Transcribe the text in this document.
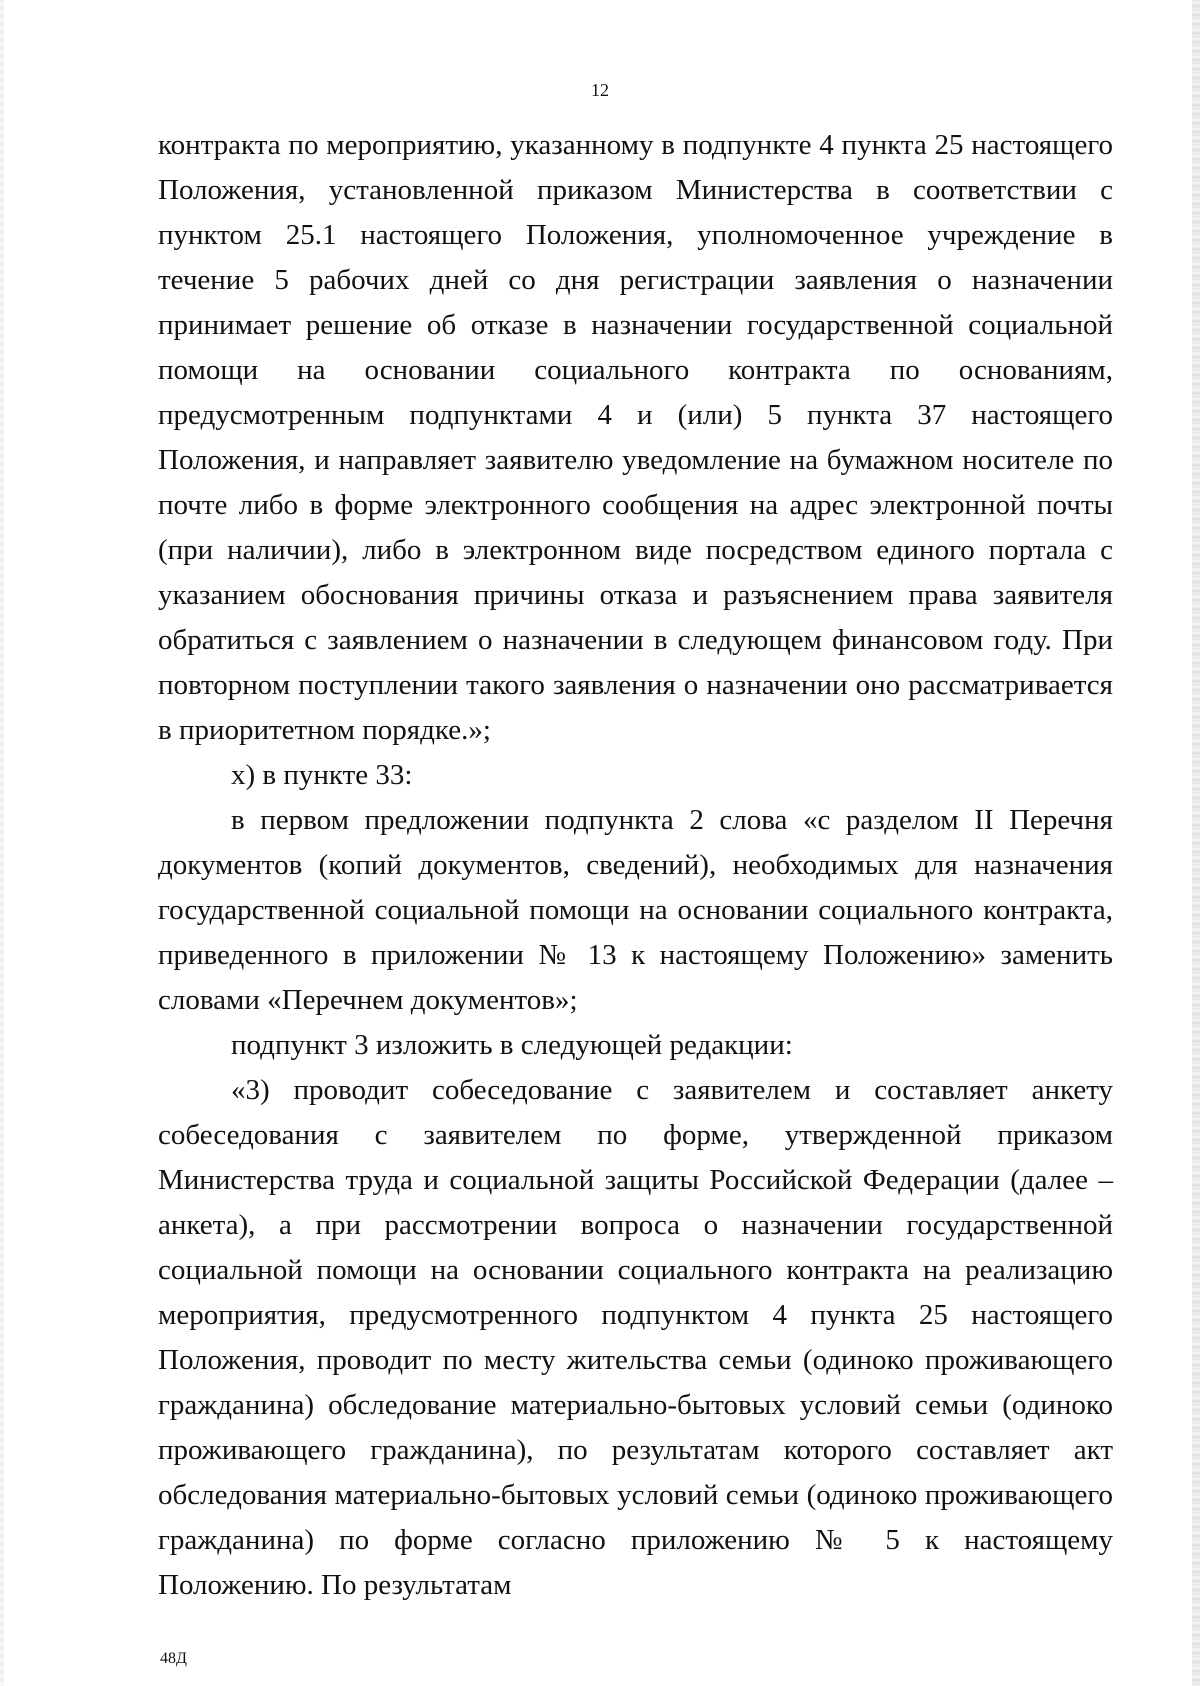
12

контракта по мероприятию, указанному в подпункте 4 пункта 25 настоящего Положения, установленной приказом Министерства в соответствии с пунктом 25.1 настоящего Положения, уполномоченное учреждение в течение 5 рабочих дней со дня регистрации заявления о назначении принимает решение об отказе в назначении государственной социальной помощи на основании социального контракта по основаниям, предусмотренным подпунктами 4 и (или) 5 пункта 37 настоящего Положения, и направляет заявителю уведомление на бумажном носителе по почте либо в форме электронного сообщения на адрес электронной почты (при наличии), либо в электронном виде посредством единого портала с указанием обоснования причины отказа и разъяснением права заявителя обратиться с заявлением о назначении в следующем финансовом году. При повторном поступлении такого заявления о назначении оно рассматривается в приоритетном порядке.»;

х) в пункте 33:

в первом предложении подпункта 2 слова «с разделом II Перечня документов (копий документов, сведений), необходимых для назначения государственной социальной помощи на основании социального контракта, приведенного в приложении № 13 к настоящему Положению» заменить словами «Перечнем документов»;

подпункт 3 изложить в следующей редакции:

«3) проводит собеседование с заявителем и составляет анкету собеседования с заявителем по форме, утвержденной приказом Министерства труда и социальной защиты Российской Федерации (далее – анкета), а при рассмотрении вопроса о назначении государственной социальной помощи на основании социального контракта на реализацию мероприятия, предусмотренного подпунктом 4 пункта 25 настоящего Положения, проводит по месту жительства семьи (одиноко проживающего гражданина) обследование материально-бытовых условий семьи (одиноко проживающего гражданина), по результатам которого составляет акт обследования материально-бытовых условий семьи (одиноко проживающего гражданина) по форме согласно приложению № 5 к настоящему Положению. По результатам

48Д
